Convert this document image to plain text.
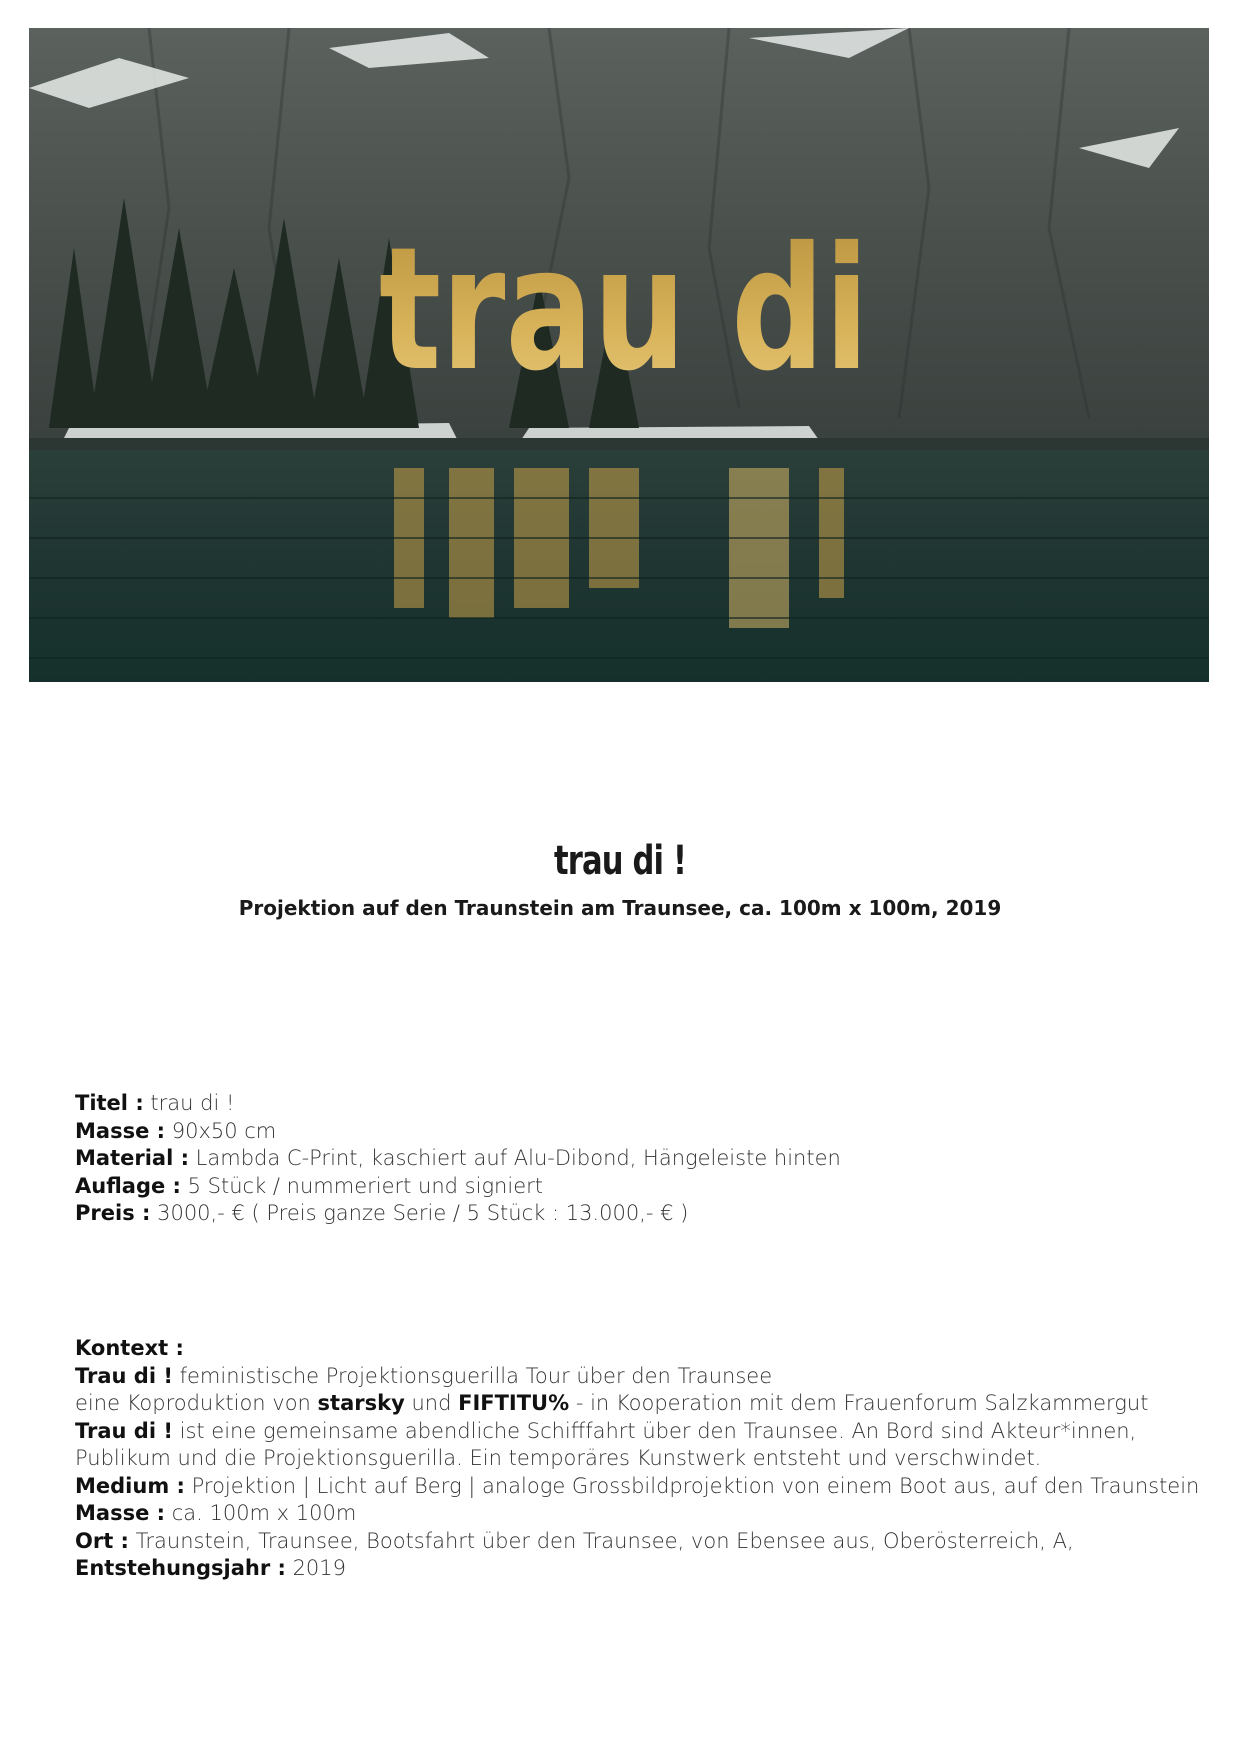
trau di
trau di !
Projektion auf den Traunstein am Traunsee, ca. 100m x 100m, 2019
Titel : trau di !
Masse : 90x50 cm
Material : Lambda C-Print, kaschiert auf Alu-Dibond, Hängeleiste hinten
Auflage : 5 Stück / nummeriert und signiert
Preis : 3000,- € ( Preis ganze Serie / 5 Stück : 13.000,- € )
Kontext :
Trau di ! feministische Projektionsguerilla Tour über den Traunsee
eine Koproduktion von starsky und FIFTITU% - in Kooperation mit dem Frauenforum Salzkammergut
Trau di ! ist eine gemeinsame abendliche Schifffahrt über den Traunsee. An Bord sind Akteur*innen,
Publikum und die Projektionsguerilla. Ein temporäres Kunstwerk entsteht und verschwindet.
Medium : Projektion | Licht auf Berg | analoge Grossbildprojektion von einem Boot aus, auf den Traunstein
Masse : ca. 100m x 100m
Ort : Traunstein, Traunsee, Bootsfahrt über den Traunsee, von Ebensee aus, Oberösterreich, A,
Entstehungsjahr : 2019
